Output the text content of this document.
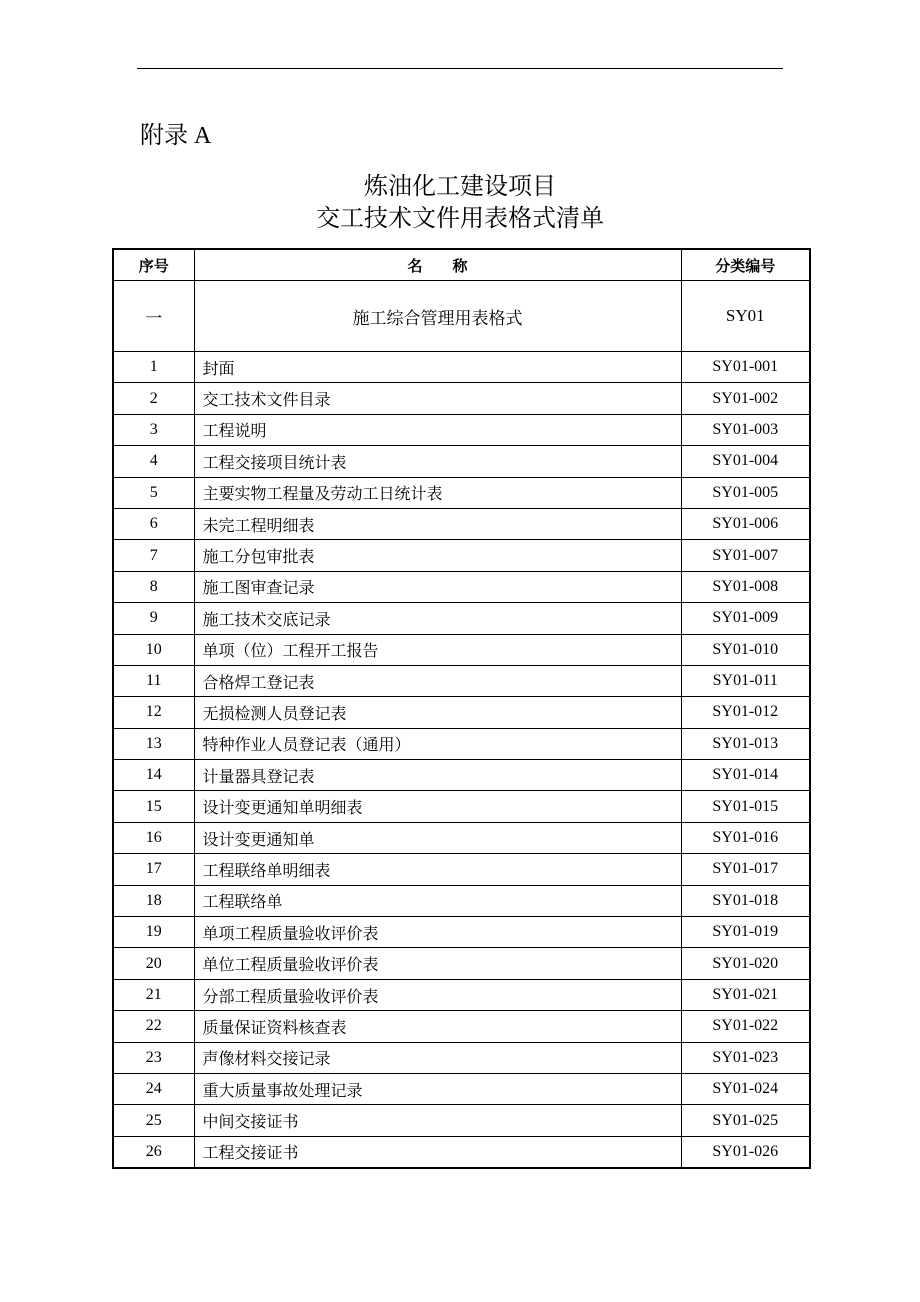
附录 A
炼油化工建设项目
交工技术文件用表格式清单
序号	名　　称	分类编号
一	施工综合管理用表格式	SY01
1	封面	SY01-001
2	交工技术文件目录	SY01-002
3	工程说明	SY01-003
4	工程交接项目统计表	SY01-004
5	主要实物工程量及劳动工日统计表	SY01-005
6	未完工程明细表	SY01-006
7	施工分包审批表	SY01-007
8	施工图审查记录	SY01-008
9	施工技术交底记录	SY01-009
10	单项（位）工程开工报告	SY01-010
11	合格焊工登记表	SY01-011
12	无损检测人员登记表	SY01-012
13	特种作业人员登记表（通用）	SY01-013
14	计量器具登记表	SY01-014
15	设计变更通知单明细表	SY01-015
16	设计变更通知单	SY01-016
17	工程联络单明细表	SY01-017
18	工程联络单	SY01-018
19	单项工程质量验收评价表	SY01-019
20	单位工程质量验收评价表	SY01-020
21	分部工程质量验收评价表	SY01-021
22	质量保证资料核查表	SY01-022
23	声像材料交接记录	SY01-023
24	重大质量事故处理记录	SY01-024
25	中间交接证书	SY01-025
26	工程交接证书	SY01-026
